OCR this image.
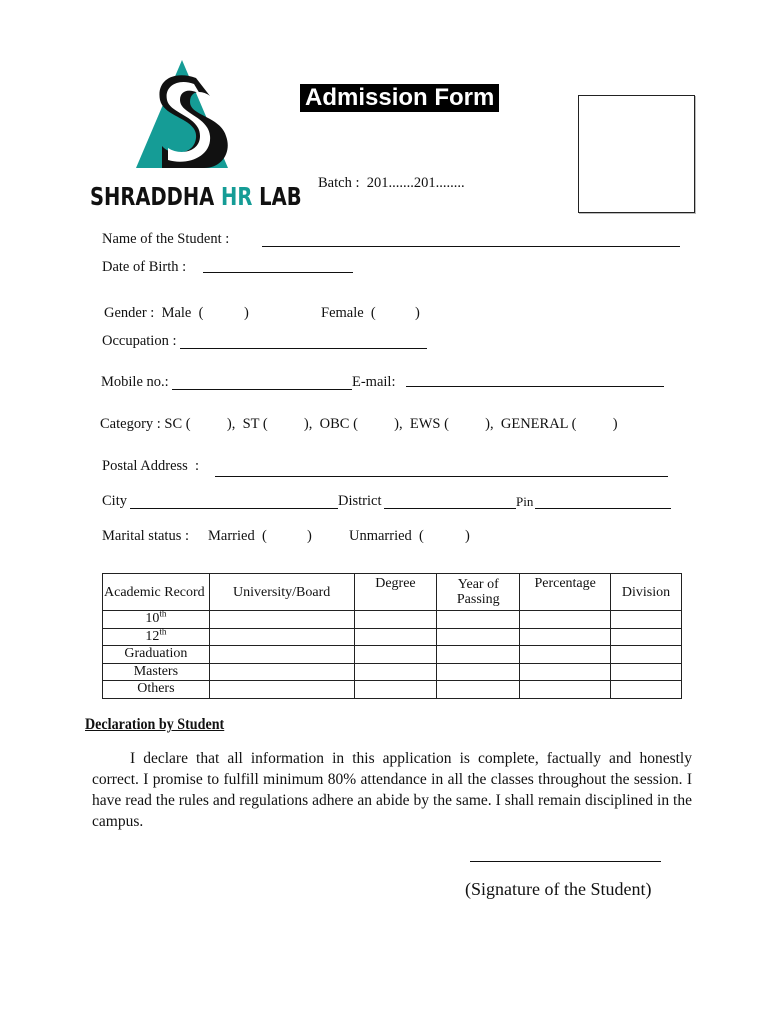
SHRADDHA HR LAB
Admission Form
Batch :  201.......201........
Name of the Student :
Date of Birth :
Gender :  Male  (	)	Female  (	)
Occupation :
Mobile no.:	E-mail:
Category : SC (          ),  ST (          ),  OBC (          ),  EWS (          ),  GENERAL (          )
Postal Address  :
City	District	Pin
Marital status : Married  (	)	Unmarried  (	)
Academic Record	University/Board	Degree	Year of Passing	Percentage	Division
10th					
12th					
Graduation					
Masters					
Others					
Declaration by Student
I declare that all information in this application is complete, factually and honestly correct. I promise to fulfill minimum 80% attendance in all the classes throughout the session. I have read the rules and regulations adhere an abide by the same. I shall remain disciplined in the campus.
(Signature of the Student)
